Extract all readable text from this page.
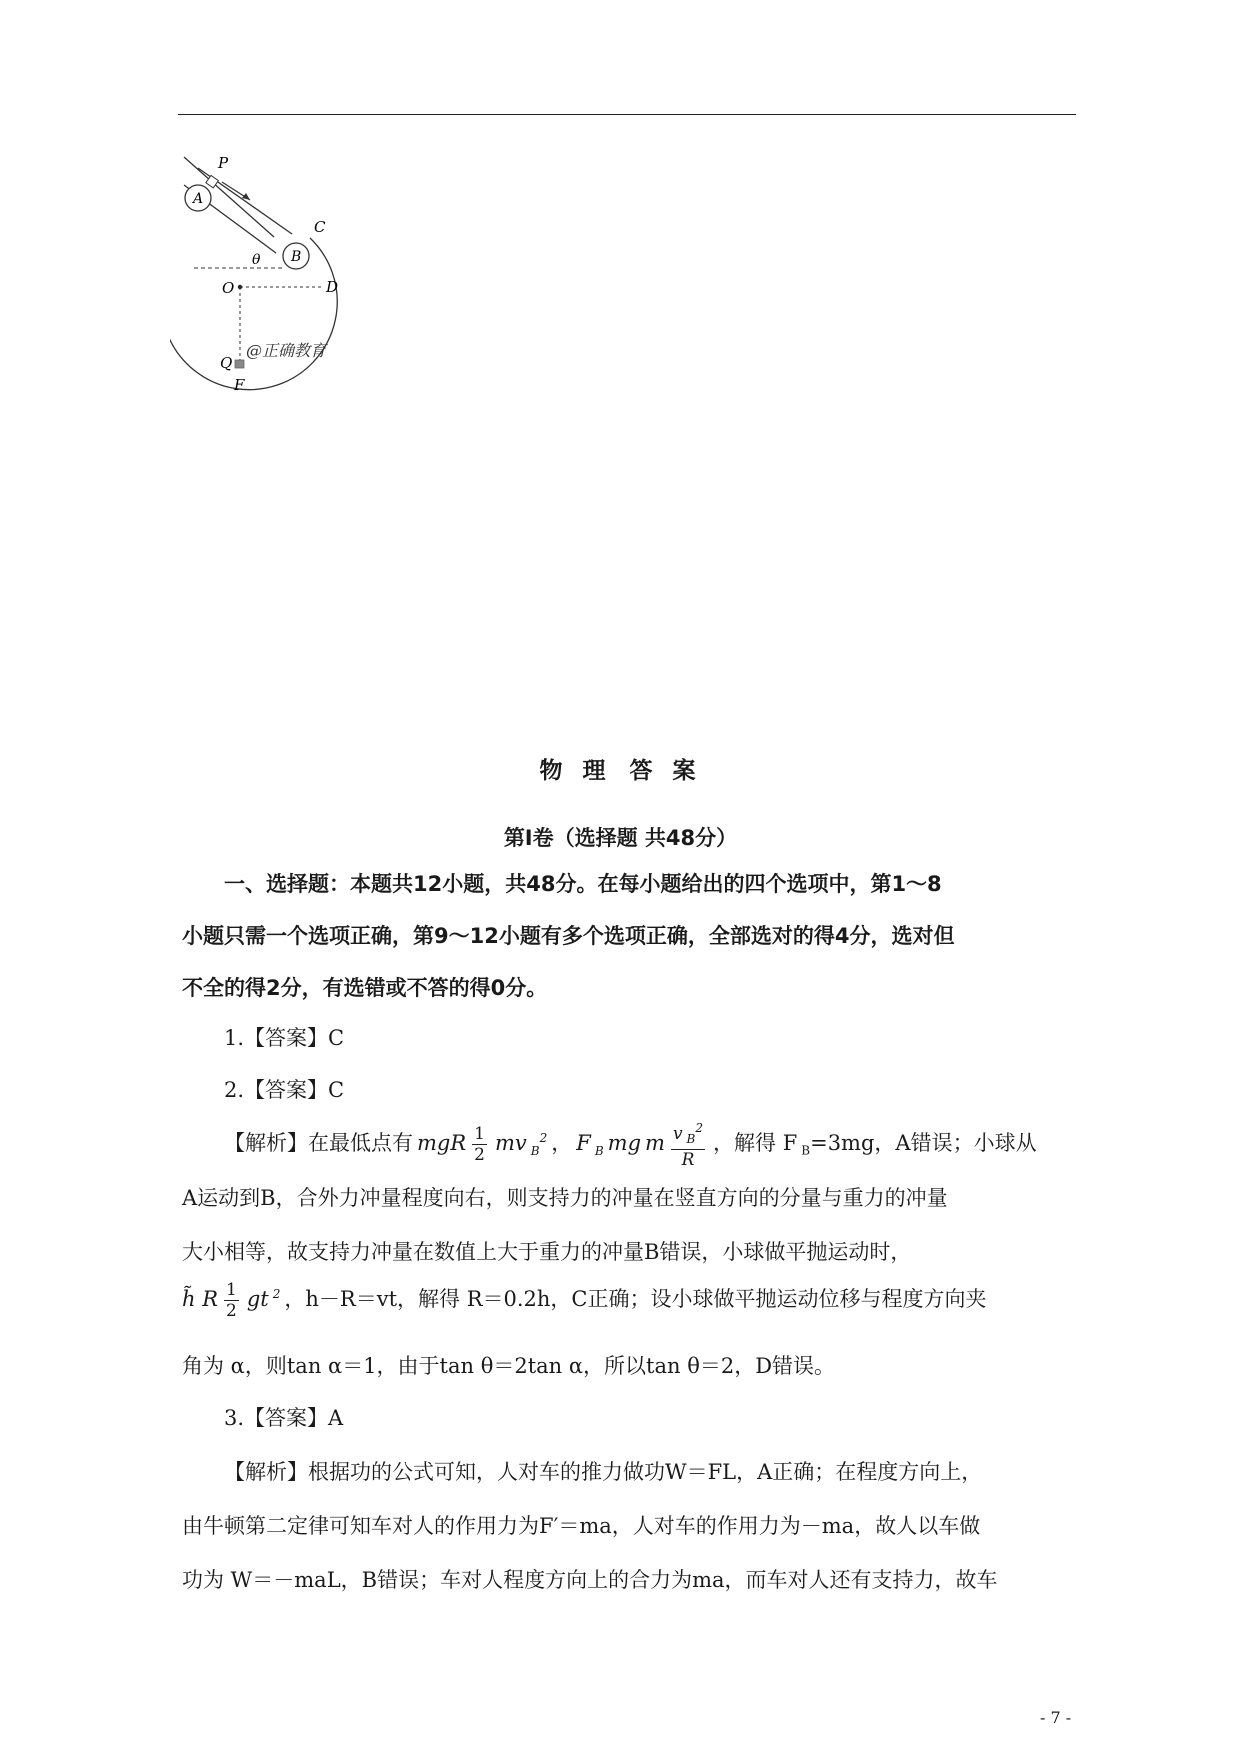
P
A
B
C
θ
O	D
Q
F
@正确教育
物 理 答 案
第Ⅰ卷（选择题 共48分）
一、选择题：本题共12小题，共48分。在每小题给出的四个选项中，第1～8
小题只需一个选项正确，第9～12小题有多个选项正确，全部选对的得4分，选对但
不全的得2分，有选错或不答的得0分。
1.【答案】C
2.【答案】C
【解析】在最低点有 mgR $\frac{1}{2}$ mv $_B^2$ ， F $_B$ mg m $\frac{v _B^2}{R}$ ，解得 F $_B$=3mg，A错误；小球从
A运动到B，合外力冲量程度向右，则支持力的冲量在竖直方向的分量与重力的冲量
大小相等，故支持力冲量在数值上大于重力的冲量B错误，小球做平抛运动时，
h̃ R $\frac{1}{2}$ gt $^2$ ，h－R＝vt，解得 R＝0.2h，C正确；设小球做平抛运动位移与程度方向夹
角为 α，则tan α＝1，由于tan θ＝2tan α，所以tan θ＝2，D错误。
3.【答案】A
【解析】根据功的公式可知，人对车的推力做功W＝FL，A正确；在程度方向上，
由牛顿第二定律可知车对人的作用力为F′＝ma，人对车的作用力为－ma，故人以车做
功为 W＝－maL，B错误；车对人程度方向上的合力为ma，而车对人还有支持力，故车
- 7 -
